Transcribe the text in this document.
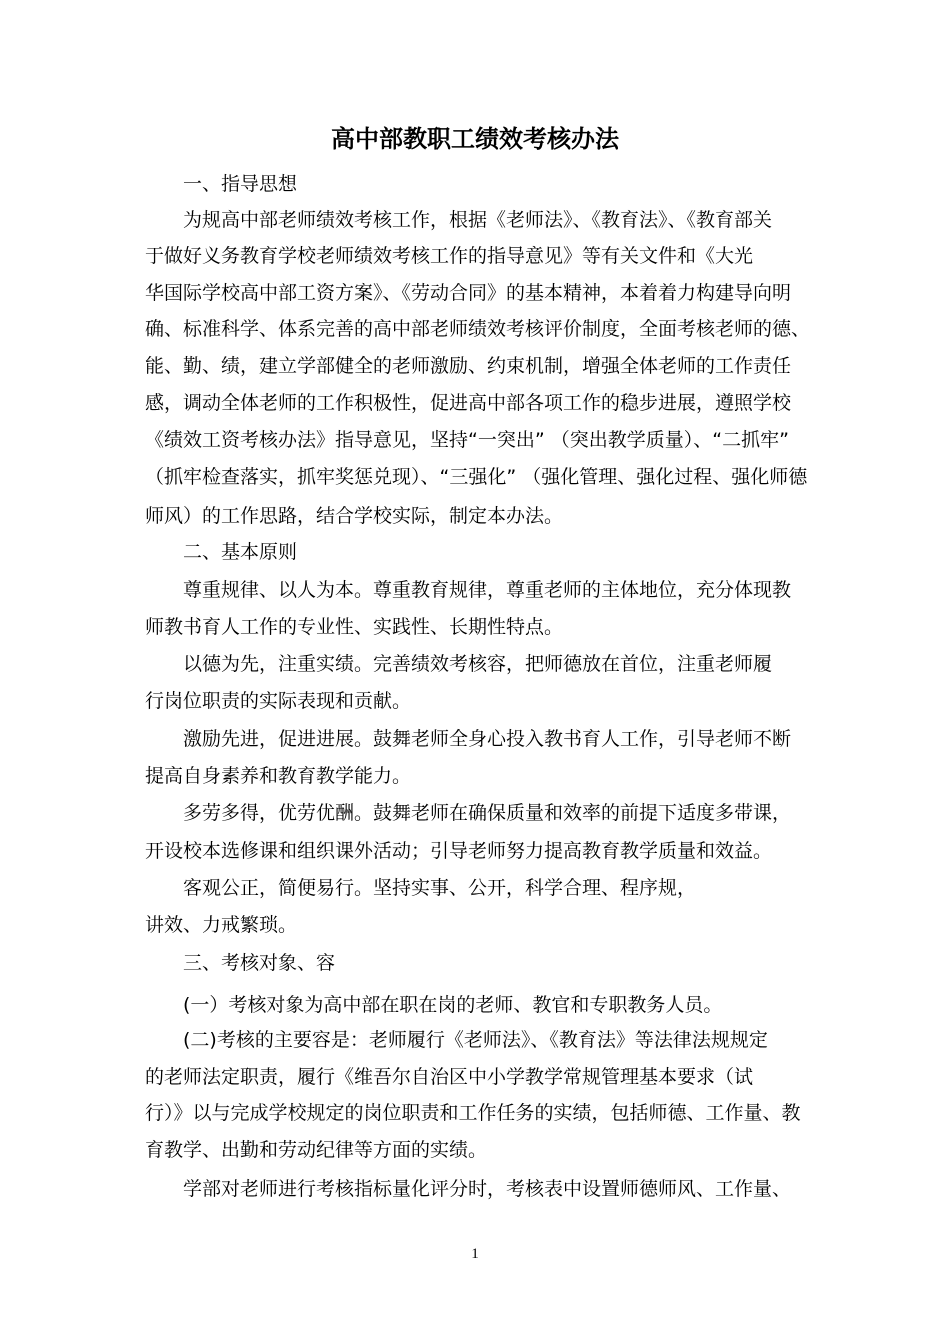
高中部教职工绩效考核办法
一、指导思想
为规高中部老师绩效考核工作，根据《老师法》、《教育法》、《教育部关
于做好义务教育学校老师绩效考核工作的指导意见》等有关文件和《大光
华国际学校高中部工资方案》、《劳动合同》的基本精神，本着着力构建导向明
确、标准科学、体系完善的高中部老师绩效考核评价制度，全面考核老师的德、
能、勤、绩，建立学部健全的老师激励、约束机制，增强全体老师的工作责任
感，调动全体老师的工作积极性，促进高中部各项工作的稳步进展，遵照学校
《绩效工资考核办法》指导意见，坚持“一突出” （突出教学质量）、“二抓牢”
（抓牢检查落实，抓牢奖惩兑现）、“三强化” （强化管理、强化过程、强化师德
师风）的工作思路，结合学校实际，制定本办法。
二、基本原则
尊重规律、以人为本。尊重教育规律，尊重老师的主体地位，充分体现教
师教书育人工作的专业性、实践性、长期性特点。
以德为先，注重实绩。完善绩效考核容，把师德放在首位，注重老师履
行岗位职责的实际表现和贡献。
激励先进，促进进展。鼓舞老师全身心投入教书育人工作，引导老师不断
提高自身素养和教育教学能力。
多劳多得，优劳优酬。鼓舞老师在确保质量和效率的前提下适度多带课，
开设校本选修课和组织课外活动；引导老师努力提高教育教学质量和效益。
客观公正，简便易行。坚持实事、公开，科学合理、程序规，
讲效、力戒繁琐。
三、考核对象、容
(一）考核对象为高中部在职在岗的老师、教官和专职教务人员。
(二)考核的主要容是：老师履行《老师法》、《教育法》等法律法规规定
的老师法定职责，履行《维吾尔自治区中小学教学常规管理基本要求（试
行）》以与完成学校规定的岗位职责和工作任务的实绩，包括师德、工作量、教
育教学、出勤和劳动纪律等方面的实绩。
学部对老师进行考核指标量化评分时，考核表中设置师德师风、工作量、
1
